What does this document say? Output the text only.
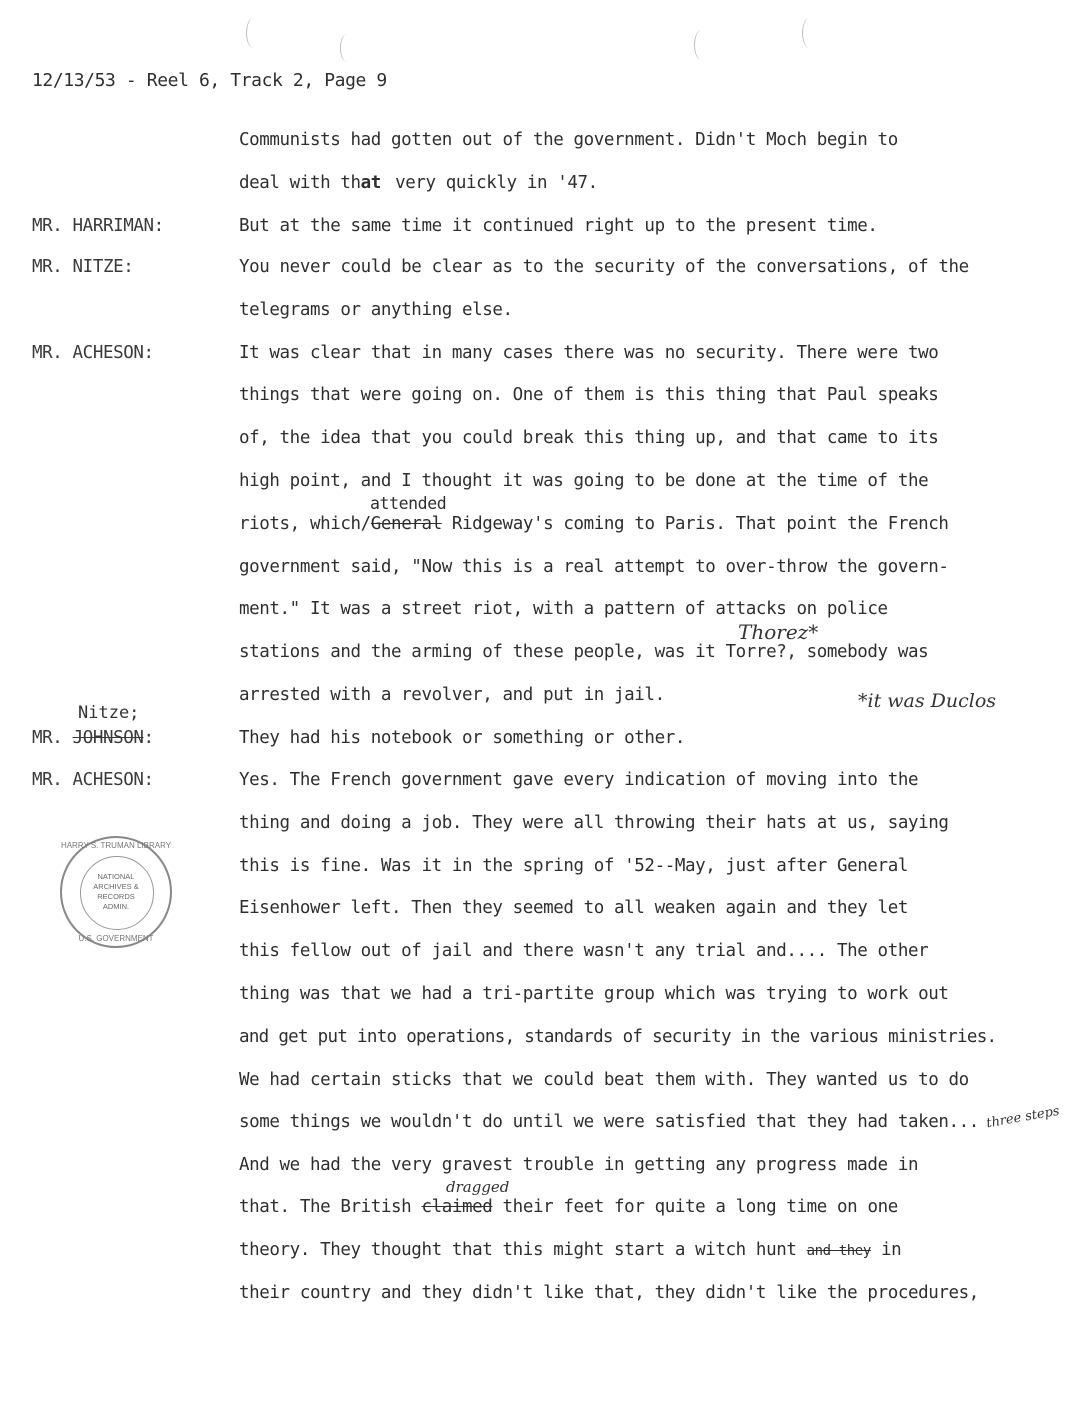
12/13/53 - Reel 6, Track 2, Page 9
MR. HARRIMAN:
MR. NITZE:
MR. ACHESON:
Nitze;
MR. JOHNSON:
MR. ACHESON:
Communists had gotten out of the government. Didn't Moch begin to
deal with that very quickly in '47.
But at the same time it continued right up to the present time.
You never could be clear as to the security of the conversations, of the
telegrams or anything else.
It was clear that in many cases there was no security. There were two
things that were going on. One of them is this thing that Paul speaks
of, the idea that you could break this thing up, and that came to its
high point, and I thought it was going to be done at the time of the
attended
riots, which/General Ridgeway's coming to Paris. That point the French
government said, "Now this is a real attempt to over-throw the govern-
ment." It was a street riot, with a pattern of attacks on police
Thorez*
stations and the arming of these people, was it Torre?, somebody was
arrested with a revolver, and put in jail.	*it was Duclos
They had his notebook or something or other.
Yes. The French government gave every indication of moving into the
thing and doing a job. They were all throwing their hats at us, saying
this is fine. Was it in the spring of '52--May, just after General
Eisenhower left. Then they seemed to all weaken again and they let
this fellow out of jail and there wasn't any trial and.... The other
thing was that we had a tri-partite group which was trying to work out
and get put into operations, standards of security in the various ministries.
We had certain sticks that we could beat them with. They wanted us to do
some things we wouldn't do until we were satisfied that they had taken... three steps
And we had the very gravest trouble in getting any progress made in
dragged
that. The British claimed their feet for quite a long time on one
theory. They thought that this might start a witch hunt and they in
their country and they didn't like that, they didn't like the procedures,
HARRY S. TRUMAN LIBRARY
U.S. GOVERNMENT
NATIONAL
ARCHIVES &
RECORDS
ADMIN.
